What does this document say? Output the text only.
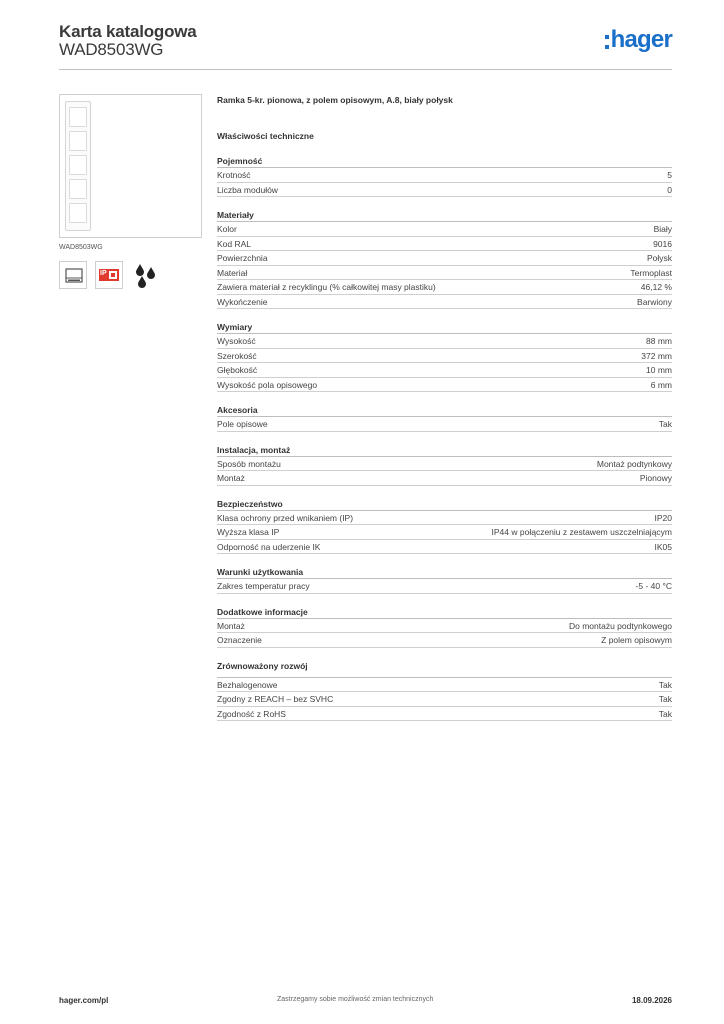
Karta katalogowa
WAD8503WG	hager
WAD8503WG
IP
Ramka 5-kr. pionowa, z polem opisowym, A.8, biały połysk
Właściwości techniczne
Pojemność
Krotność	5
Liczba modułów	0
Materiały
Kolor	Biały
Kod RAL	9016
Powierzchnia	Połysk
Materiał	Termoplast
Zawiera materiał z recyklingu (% całkowitej masy plastiku)	46,12 %
Wykończenie	Barwiony
Wymiary
Wysokość	88 mm
Szerokość	372 mm
Głębokość	10 mm
Wysokość pola opisowego	6 mm
Akcesoria
Pole opisowe	Tak
Instalacja, montaż
Sposób montażu	Montaż podtynkowy
Montaż	Pionowy
Bezpieczeństwo
Klasa ochrony przed wnikaniem (IP)	IP20
Wyższa klasa IP	IP44 w połączeniu z zestawem uszczelniającym
Odporność na uderzenie IK	IK05
Warunki użytkowania
Zakres temperatur pracy	-5 - 40 °C
Dodatkowe informacje
Montaż	Do montażu podtynkowego
Oznaczenie	Z polem opisowym
Zrównoważony rozwój
Bezhalogenowe	Tak
Zgodny z REACH – bez SVHC	Tak
Zgodność z RoHS	Tak
hager.com/pl	Zastrzegamy sobie możliwość zmian technicznych	18.09.2026
